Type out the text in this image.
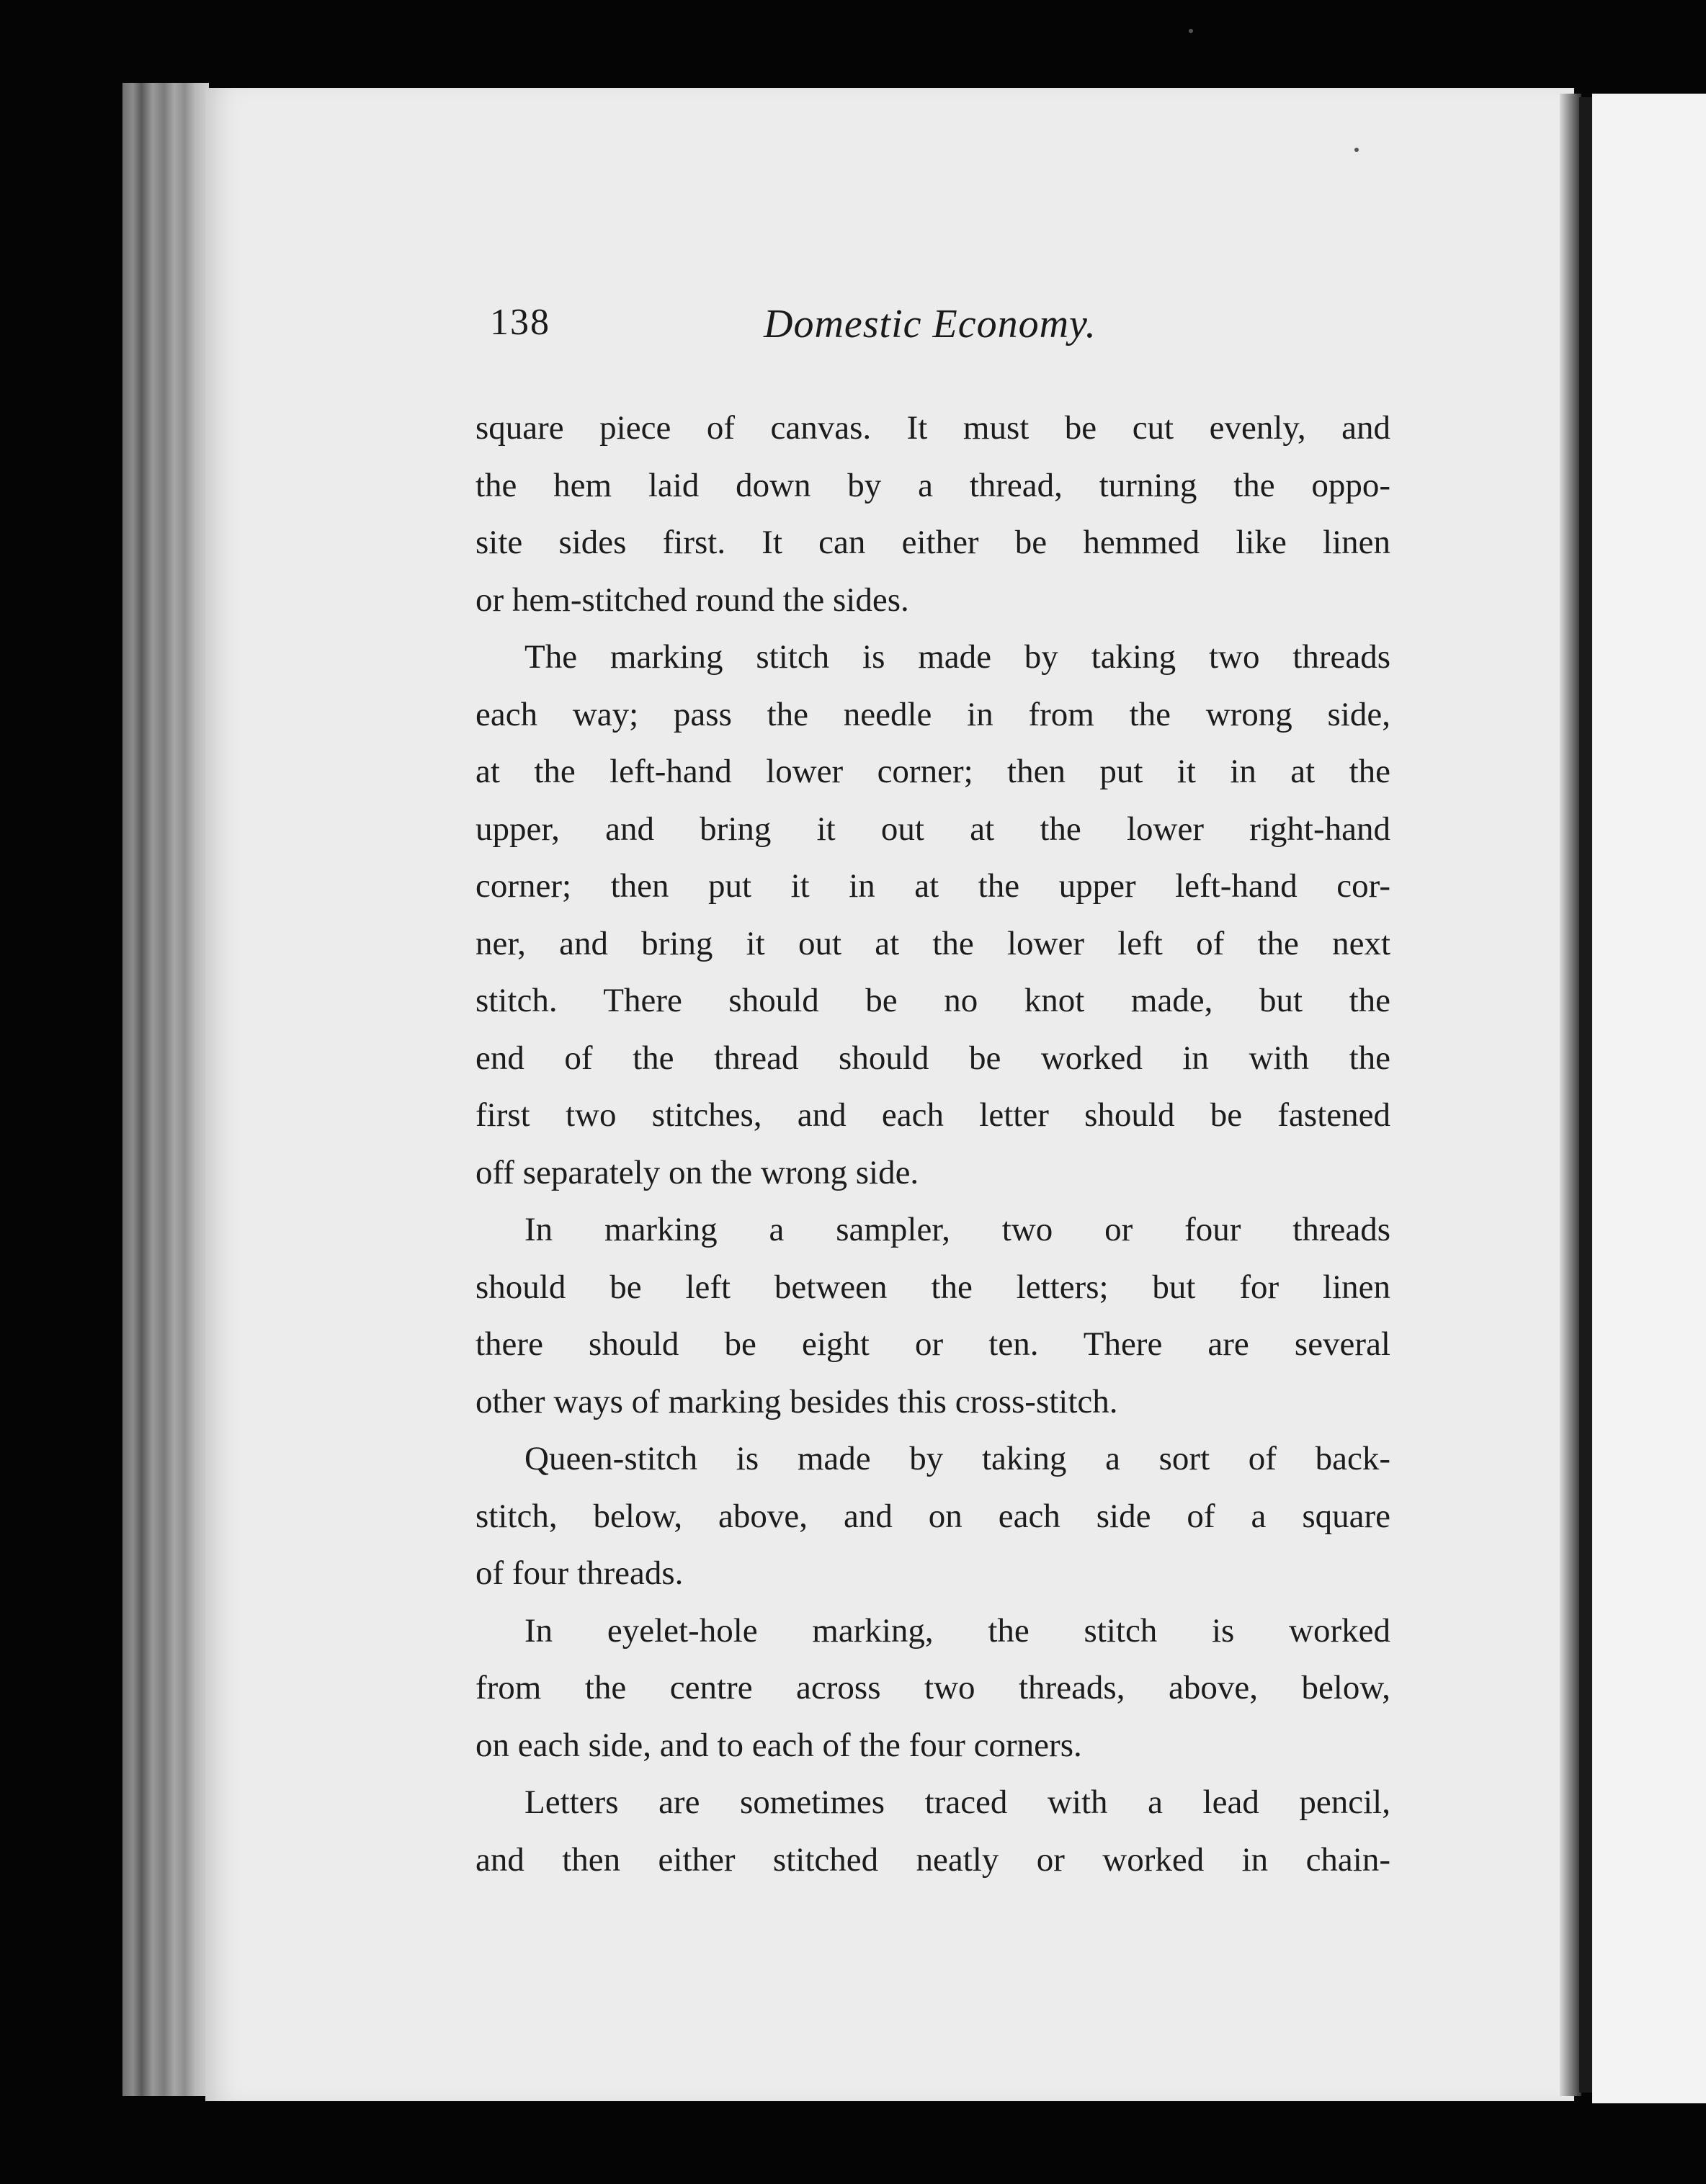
138	Domestic Economy.

square piece of canvas. It must be cut evenly, and

the hem laid down by a thread, turning the oppo-

site sides first. It can either be hemmed like linen

or hem-stitched round the sides.

The marking stitch is made by taking two threads

each way; pass the needle in from the wrong side,

at the left-hand lower corner; then put it in at the

upper, and bring it out at the lower right-hand

corner; then put it in at the upper left-hand cor-

ner, and bring it out at the lower left of the next

stitch. There should be no knot made, but the

end of the thread should be worked in with the

first two stitches, and each letter should be fastened

off separately on the wrong side.

In marking a sampler, two or four threads

should be left between the letters; but for linen

there should be eight or ten. There are several

other ways of marking besides this cross-stitch.

Queen-stitch is made by taking a sort of back-

stitch, below, above, and on each side of a square

of four threads.

In eyelet-hole marking, the stitch is worked

from the centre across two threads, above, below,

on each side, and to each of the four corners.

Letters are sometimes traced with a lead pencil,

and then either stitched neatly or worked in chain-
